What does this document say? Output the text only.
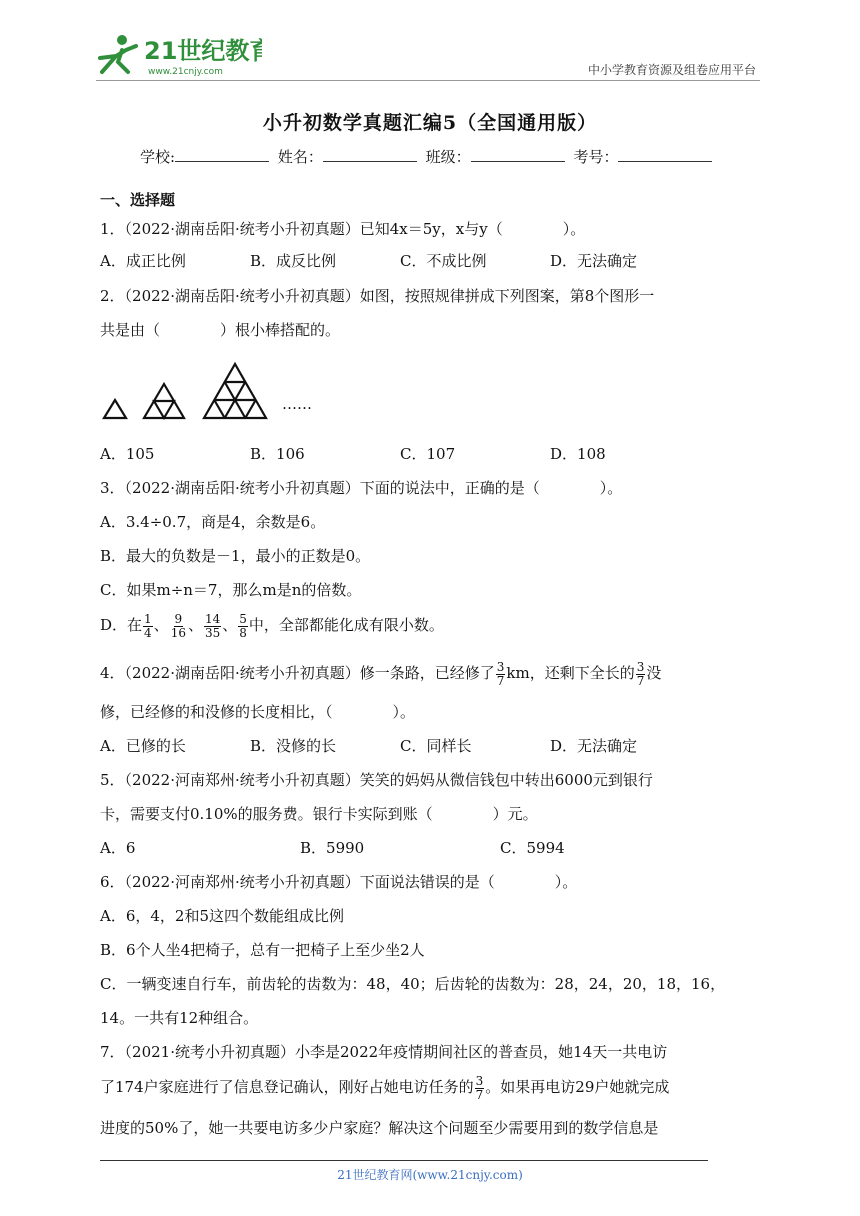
21世纪教育
www.21cnjy.com	中小学教育资源及组卷应用平台
小升初数学真题汇编5（全国通用版）
学校:	姓名：	班级：	考号：
一、选择题
1．（2022·湖南岳阳·统考小升初真题）已知4x＝5y，x与y（　　　　）。
A．成正比例	B．成反比例	C．不成比例	D．无法确定
2．（2022·湖南岳阳·统考小升初真题）如图，按照规律拼成下列图案，第8个图形一
共是由（　　　　）根小棒搭配的。
……
A．105	B．106	C．107	D．108
3．（2022·湖南岳阳·统考小升初真题）下面的说法中，正确的是（　　　　）。
A．3.4÷0.7，商是4，余数是6。
B．最大的负数是－1，最小的正数是0。
C．如果m÷n＝7，那么m是n的倍数。
D．在 $\frac{1}{4}$ 、 $\frac{9}{16}$ 、 $\frac{14}{35}$ 、 $\frac{5}{8}$ 中，全部都能化成有限小数。
4．（2022·湖南岳阳·统考小升初真题）修一条路，已经修了 $\frac{3}{7}$ km，还剩下全长的 $\frac{3}{7}$ 没
修，已经修的和没修的长度相比，（　　　　）。
A．已修的长	B．没修的长	C．同样长	D．无法确定
5．（2022·河南郑州·统考小升初真题）笑笑的妈妈从微信钱包中转出6000元到银行
卡，需要支付0.10%的服务费。银行卡实际到账（　　　　）元。
A．6	B．5990	C．5994
6．（2022·河南郑州·统考小升初真题）下面说法错误的是（　　　　）。
A．6，4，2和5这四个数能组成比例
B．6个人坐4把椅子，总有一把椅子上至少坐2人
C．一辆变速自行车，前齿轮的齿数为：48，40；后齿轮的齿数为：28，24，20，18，16，
14。一共有12种组合。
7．（2021·统考小升初真题）小李是2022年疫情期间社区的普查员，她14天一共电访
了174户家庭进行了信息登记确认，刚好占她电访任务的 $\frac{3}{7}$ 。如果再电访29户她就完成
进度的50%了，她一共要电访多少户家庭？解决这个问题至少需要用到的数学信息是
21世纪教育网(www.21cnjy.com)
